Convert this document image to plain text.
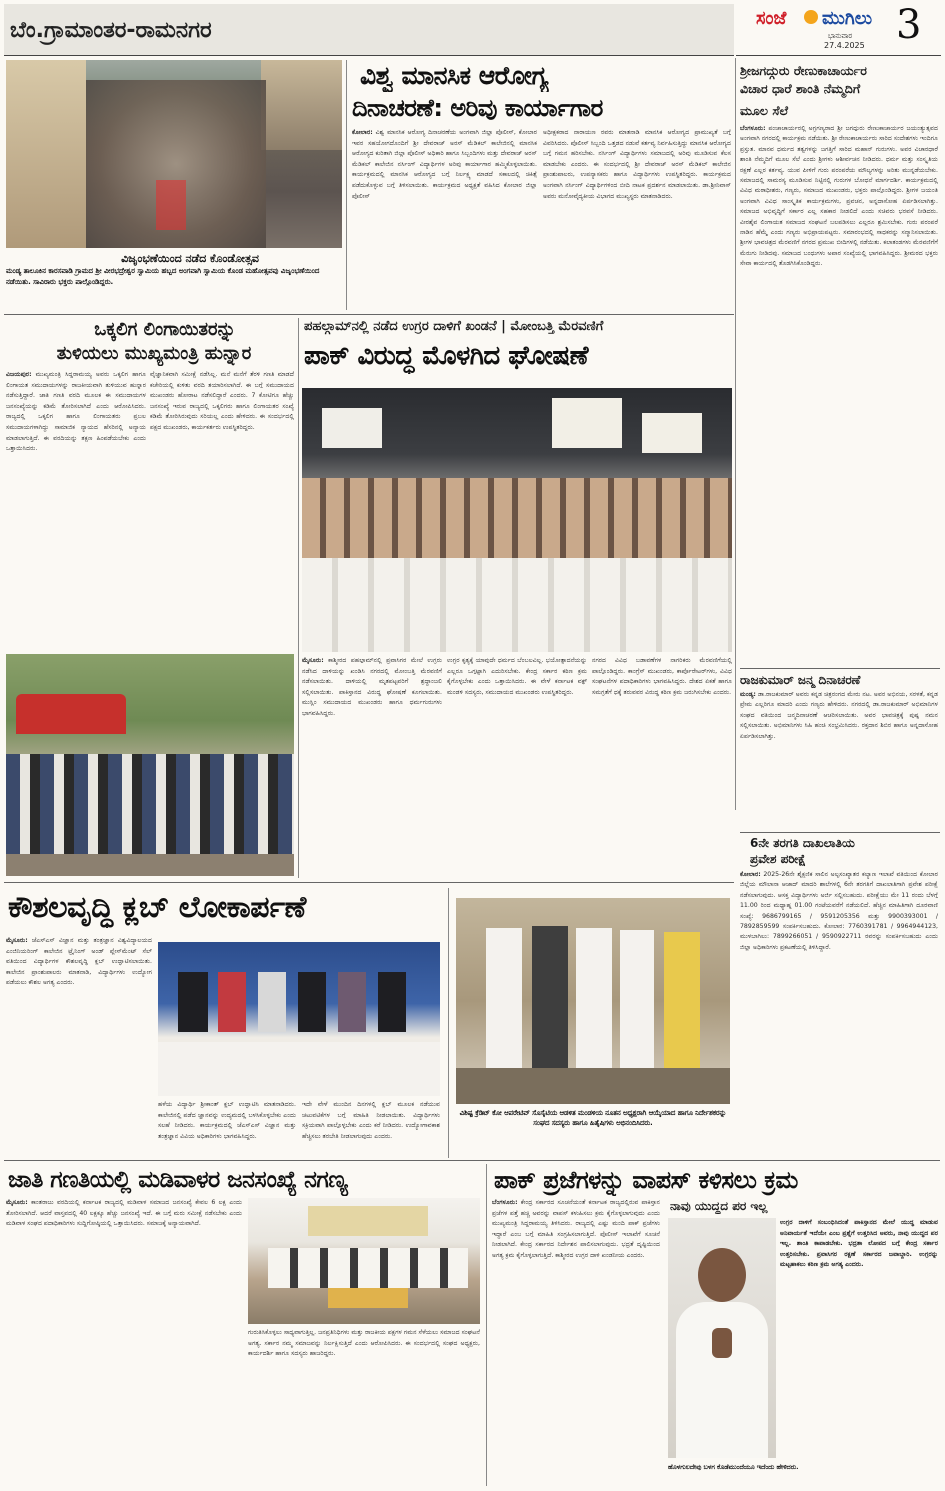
ಬೆಂ.ಗ್ರಾಮಾಂತರ-ರಾಮನಗರ	ಸಂಜೆ ಮುಗಿಲು
ಭಾನುವಾರ
27.4.2025 3
ವಿಜೃಂಭಣೆಯಿಂದ ನಡೆದ ಕೊಂಡೋತ್ಸವ
ಮಂಡ್ಯ ತಾಲೂಕಿನ ಕಾರಸವಾಡಿ ಗ್ರಾಮದ ಶ್ರೀ ವೀರಭದ್ರೇಶ್ವರ ಸ್ವಾಮಿಯ ಹಬ್ಬದ ಅಂಗವಾಗಿ ಸ್ವಾಮಿಯ ಕೊಂಡ ಮಹೋತ್ಸವವು ವಿಜೃಂಭಣೆಯಿಂದ ನಡೆಯಿತು. ಸಾವಿರಾರು ಭಕ್ತರು ಪಾಲ್ಗೊಂಡಿದ್ದರು.
ವಿಶ್ವ ಮಾನಸಿಕ ಆರೋಗ್ಯ
ದಿನಾಚರಣೆ: ಅರಿವು ಕಾರ್ಯಾಗಾರ

ಕೋಲಾರ: ವಿಶ್ವ ಮಾನಸಿಕ ಆರೋಗ್ಯ ದಿನಾಚರಣೆಯ ಅಂಗವಾಗಿ ಜಿಲ್ಲಾ ಪೊಲೀಸ್, ಕೋಲಾರ ಇವರ ಸಹಯೋಗದೊಂದಿಗೆ ಶ್ರೀ ದೇವರಾಜ್ ಅರಸ್ ಮೆಡಿಕಲ್ ಕಾಲೇಜಿನಲ್ಲಿ ಮಾನಸಿಕ ಆರೋಗ್ಯದ ಕುರಿತಾಗಿ ಜಿಲ್ಲಾ ಪೊಲೀಸ್ ಅಧಿಕಾರಿ ಹಾಗೂ ಸಿಬ್ಬಂದಿಗಳು ಮತ್ತು ದೇವರಾಜ್ ಅರಸ್ ಮೆಡಿಕಲ್ ಕಾಲೇಜಿನ ನರ್ಸಿಂಗ್ ವಿದ್ಯಾರ್ಥಿಗಳ ಅರಿವು ಕಾರ್ಯಾಗಾರ ಹಮ್ಮಿಕೊಳ್ಳಲಾಯಿತು. ಕಾರ್ಯಕ್ರಮದಲ್ಲಿ ಮಾನಸಿಕ ಆರೋಗ್ಯದ ಬಗ್ಗೆ ನಿರ್ಲಕ್ಷ್ಯ ಮಾಡದೆ ಸಕಾಲದಲ್ಲಿ ಚಿಕಿತ್ಸೆ ಪಡೆದುಕೊಳ್ಳುವ ಬಗ್ಗೆ ತಿಳಿಸಲಾಯಿತು. ಕಾರ್ಯಕ್ರಮದ ಅಧ್ಯಕ್ಷತೆ ವಹಿಸಿದ ಕೋಲಾರ ಜಿಲ್ಲಾ ಪೊಲೀಸ್

ಅಧೀಕ್ಷಕರಾದ ನಾರಾಯಣ ರವರು ಮಾತನಾಡಿ ಮಾನಸಿಕ ಆರೋಗ್ಯದ ಪ್ರಾಮುಖ್ಯತೆ ಬಗ್ಗೆ ವಿವರಿಸಿದರು. ಪೊಲೀಸ್ ಸಿಬ್ಬಂದಿ ಒತ್ತಡದ ನಡುವೆ ಕರ್ತವ್ಯ ನಿರ್ವಹಿಸುತ್ತಿದ್ದು ಮಾನಸಿಕ ಆರೋಗ್ಯದ ಬಗ್ಗೆ ಗಮನ ಹರಿಸಬೇಕು. ನರ್ಸಿಂಗ್ ವಿದ್ಯಾರ್ಥಿಗಳು ಸಮಾಜದಲ್ಲಿ ಅರಿವು ಮೂಡಿಸುವ ಕೆಲಸ ಮಾಡಬೇಕು ಎಂದರು. ಈ ಸಂದರ್ಭದಲ್ಲಿ ಶ್ರೀ ದೇವರಾಜ್ ಅರಸ್ ಮೆಡಿಕಲ್ ಕಾಲೇಜಿನ ಪ್ರಾಂಶುಪಾಲರು, ಉಪನ್ಯಾಸಕರು ಹಾಗೂ ವಿದ್ಯಾರ್ಥಿಗಳು ಉಪಸ್ಥಿತರಿದ್ದರು. ಕಾರ್ಯಕ್ರಮದ ಅಂಗವಾಗಿ ನರ್ಸಿಂಗ್ ವಿದ್ಯಾರ್ಥಿಗಳಿಂದ ಬೀದಿ ನಾಟಕ ಪ್ರದರ್ಶನ ಮಾಡಲಾಯಿತು. ಡಾ.ಶ್ರೀನಿವಾಸ್ ಅವರು ಮನೋವೈದ್ಯಕೀಯ ವಿಭಾಗದ ಮುಖ್ಯಸ್ಥರು ಮಾತನಾಡಿದರು.

ಶ್ರೀಜಗದ್ಗುರು ರೇಣುಕಾಚಾರ್ಯರ
ವಿಚಾರ ಧಾರೆ ಶಾಂತಿ ನೆಮ್ಮದಿಗೆ
ಮೂಲ ಸೆಲೆ

ಬೆಂಗಳೂರು: ಪಂಚಾಚಾರ್ಯರಲ್ಲಿ ಅಗ್ರಗಣ್ಯರಾದ ಶ್ರೀ ಜಗದ್ಗುರು ರೇಣುಕಾಚಾರ್ಯರ ಜಯಂತ್ಯುತ್ಸವದ ಅಂಗವಾಗಿ ನಗರದಲ್ಲಿ ಕಾರ್ಯಕ್ರಮ ನಡೆಯಿತು. ಶ್ರೀ ರೇಣುಕಾಚಾರ್ಯರು ಸಾರಿದ ಸಂದೇಶಗಳು ಇಂದಿಗೂ ಪ್ರಸ್ತುತ. ಮಾನವ ಧರ್ಮದ ತತ್ವಗಳನ್ನು ಜಗತ್ತಿಗೆ ಸಾರಿದ ಮಹಾನ್ ಗುರುಗಳು. ಅವರ ವಿಚಾರಧಾರೆ ಶಾಂತಿ ನೆಮ್ಮದಿಗೆ ಮೂಲ ಸೆಲೆ ಎಂದು ಶ್ರೀಗಳು ಆಶೀರ್ವಚನ ನೀಡಿದರು. ಧರ್ಮ ಮತ್ತು ಸಂಸ್ಕೃತಿಯ ರಕ್ಷಣೆ ಎಲ್ಲರ ಕರ್ತವ್ಯ. ಯುವ ಪೀಳಿಗೆ ಗುರು ಪರಂಪರೆಯ ಮೌಲ್ಯಗಳನ್ನು ಅರಿತು ಮುನ್ನಡೆಯಬೇಕು. ಸಮಾಜದಲ್ಲಿ ಸಾಮರಸ್ಯ ಮೂಡಿಸುವ ನಿಟ್ಟಿನಲ್ಲಿ ಗುರುಗಳ ಬೋಧನೆ ಮಾರ್ಗದರ್ಶಿ. ಕಾರ್ಯಕ್ರಮದಲ್ಲಿ ವಿವಿಧ ಮಠಾಧೀಶರು, ಗಣ್ಯರು, ಸಮಾಜದ ಮುಖಂಡರು, ಭಕ್ತರು ಪಾಲ್ಗೊಂಡಿದ್ದರು. ಶ್ರೀಗಳ ಜಯಂತಿ ಅಂಗವಾಗಿ ವಿವಿಧ ಸಾಂಸ್ಕೃತಿಕ ಕಾರ್ಯಕ್ರಮಗಳು, ಪ್ರವಚನ, ಅನ್ನದಾಸೋಹ ಏರ್ಪಡಿಸಲಾಗಿತ್ತು. ಸಮಾಜದ ಅಭಿವೃದ್ಧಿಗೆ ಸರ್ಕಾರ ಎಲ್ಲ ಸಹಕಾರ ನೀಡಲಿದೆ ಎಂದು ಸಚಿವರು ಭರವಸೆ ನೀಡಿದರು. ವೀರಶೈವ ಲಿಂಗಾಯತ ಸಮಾಜದ ಸಂಘಟನೆ ಬಲಪಡಿಸಲು ಎಲ್ಲರೂ ಶ್ರಮಿಸಬೇಕು. ಗುರು ಪರಂಪರೆ ನಾಡಿನ ಹೆಮ್ಮೆ ಎಂದು ಗಣ್ಯರು ಅಭಿಪ್ರಾಯಪಟ್ಟರು. ಸಮಾರಂಭದಲ್ಲಿ ಸಾಧಕರನ್ನು ಸನ್ಮಾನಿಸಲಾಯಿತು. ಶ್ರೀಗಳ ಭಾವಚಿತ್ರದ ಮೆರವಣಿಗೆ ನಗರದ ಪ್ರಮುಖ ಬೀದಿಗಳಲ್ಲಿ ನಡೆಯಿತು. ಕಲಾತಂಡಗಳು ಮೆರವಣಿಗೆಗೆ ಮೆರುಗು ನೀಡಿದವು. ಸಮಾಜದ ಬಂಧುಗಳು ಅಪಾರ ಸಂಖ್ಯೆಯಲ್ಲಿ ಭಾಗವಹಿಸಿದ್ದರು. ಶ್ರೀಮಠದ ಭಕ್ತರು ಸೇವಾ ಕಾರ್ಯದಲ್ಲಿ ತೊಡಗಿಸಿಕೊಂಡಿದ್ದರು.

ರಾಜಕುಮಾರ್ ಜನ್ಮ ದಿನಾಚರಣೆ

ಮಂಡ್ಯ: ಡಾ.ರಾಜಕುಮಾರ್ ಅವರು ಕನ್ನಡ ಚಿತ್ರರಂಗದ ಮೇರು ನಟ. ಅವರ ಅಭಿನಯ, ಸರಳತೆ, ಕನ್ನಡ ಪ್ರೇಮ ಎಲ್ಲರಿಗೂ ಮಾದರಿ ಎಂದು ಗಣ್ಯರು ಹೇಳಿದರು. ನಗರದಲ್ಲಿ ಡಾ.ರಾಜಕುಮಾರ್ ಅಭಿಮಾನಿಗಳ ಸಂಘದ ವತಿಯಿಂದ ಜನ್ಮದಿನಾಚರಣೆ ಆಚರಿಸಲಾಯಿತು. ಅವರ ಭಾವಚಿತ್ರಕ್ಕೆ ಪುಷ್ಪ ನಮನ ಸಲ್ಲಿಸಲಾಯಿತು. ಅಭಿಮಾನಿಗಳು ಸಿಹಿ ಹಂಚಿ ಸಂಭ್ರಮಿಸಿದರು. ರಕ್ತದಾನ ಶಿಬಿರ ಹಾಗೂ ಅನ್ನದಾಸೋಹ ಏರ್ಪಡಿಸಲಾಗಿತ್ತು.

6ನೇ ತರಗತಿ ದಾಖಲಾತಿಯ
ಪ್ರವೇಶ ಪರೀಕ್ಷೆ

ಕೋಲಾರ: 2025-26ನೇ ಶೈಕ್ಷಣಿಕ ಸಾಲಿನ ಅಲ್ಪಸಂಖ್ಯಾತರ ಕಲ್ಯಾಣ ಇಲಾಖೆ ವತಿಯಿಂದ ಕೋಲಾರ ಜಿಲ್ಲೆಯ ಮೌಲಾನಾ ಆಜಾದ್ ಮಾದರಿ ಶಾಲೆಗಳಲ್ಲಿ 6ನೇ ತರಗತಿಗೆ ದಾಖಲಾತಿಗಾಗಿ ಪ್ರವೇಶ ಪರೀಕ್ಷೆ ನಡೆಸಲಾಗುವುದು. ಆಸಕ್ತ ವಿದ್ಯಾರ್ಥಿಗಳು ಅರ್ಜಿ ಸಲ್ಲಿಸಬಹುದು. ಪರೀಕ್ಷೆಯು ಮೇ 11 ರಂದು ಬೆಳಗ್ಗೆ 11.00 ರಿಂದ ಮಧ್ಯಾಹ್ನ 01.00 ಗಂಟೆಯವರೆಗೆ ನಡೆಯಲಿದೆ. ಹೆಚ್ಚಿನ ಮಾಹಿತಿಗಾಗಿ ದೂರವಾಣಿ ಸಂಖ್ಯೆ: 9686799165 / 9591205356 ಮತ್ತು 9900393001 / 7892859599 ಸಂಪರ್ಕಿಸಬಹುದು. ಕೋಲಾರ: 7760391781 / 9964944123, ಮುಳಬಾಗಿಲು: 7899266051 / 9590922711 ರವರನ್ನು ಸಂಪರ್ಕಿಸಬಹುದು ಎಂದು ಜಿಲ್ಲಾ ಅಧಿಕಾರಿಗಳು ಪ್ರಕಟಣೆಯಲ್ಲಿ ತಿಳಿಸಿದ್ದಾರೆ.

ಒಕ್ಕಲಿಗ ಲಿಂಗಾಯಿತರನ್ನು
ತುಳಿಯಲು ಮುಖ್ಯಮಂತ್ರಿ ಹುನ್ನಾರ

ವಿಜಯಪುರ: ಮುಖ್ಯಮಂತ್ರಿ ಸಿದ್ದರಾಮಯ್ಯ ಅವರು ಒಕ್ಕಲಿಗ ಹಾಗೂ ಲಿಂಗಾಯತ ಸಮುದಾಯಗಳನ್ನು ರಾಜಕೀಯವಾಗಿ ತುಳಿಯುವ ಹುನ್ನಾರ ನಡೆಸುತ್ತಿದ್ದಾರೆ. ಜಾತಿ ಗಣತಿ ವರದಿ ಮೂಲಕ ಈ ಸಮುದಾಯಗಳ ಜನಸಂಖ್ಯೆಯನ್ನು ಕಡಿಮೆ ತೋರಿಸಲಾಗಿದೆ ಎಂದು ಆರೋಪಿಸಿದರು. ರಾಜ್ಯದಲ್ಲಿ ಒಕ್ಕಲಿಗ ಹಾಗೂ ಲಿಂಗಾಯತರು ಪ್ರಬಲ ಸಮುದಾಯಗಳಾಗಿದ್ದು ಸಾಮಾಜಿಕ ನ್ಯಾಯದ ಹೆಸರಿನಲ್ಲಿ ಅನ್ಯಾಯ ಮಾಡಲಾಗುತ್ತಿದೆ. ಈ ವರದಿಯನ್ನು ತಕ್ಷಣ ಹಿಂಪಡೆಯಬೇಕು ಎಂದು ಒತ್ತಾಯಿಸಿದರು.

ವೈಜ್ಞಾನಿಕವಾಗಿ ಸಮೀಕ್ಷೆ ನಡೆಸಿಲ್ಲ. ಮನೆ ಮನೆಗೆ ತೆರಳಿ ಗಣತಿ ಮಾಡದೆ ಕಚೇರಿಯಲ್ಲಿ ಕುಳಿತು ವರದಿ ತಯಾರಿಸಲಾಗಿದೆ. ಈ ಬಗ್ಗೆ ಸಮುದಾಯದ ಮುಖಂಡರು ಹೋರಾಟ ನಡೆಸಲಿದ್ದಾರೆ ಎಂದರು. 7 ಕೋಟಿಗೂ ಹೆಚ್ಚು ಜನಸಂಖ್ಯೆ ಇರುವ ರಾಜ್ಯದಲ್ಲಿ ಒಕ್ಕಲಿಗರು ಹಾಗೂ ಲಿಂಗಾಯತರ ಸಂಖ್ಯೆ ಕಡಿಮೆ ತೋರಿಸಿರುವುದು ಸರಿಯಲ್ಲ ಎಂದು ಹೇಳಿದರು. ಈ ಸಂದರ್ಭದಲ್ಲಿ ಪಕ್ಷದ ಮುಖಂಡರು, ಕಾರ್ಯಕರ್ತರು ಉಪಸ್ಥಿತರಿದ್ದರು.

ಪಹಲ್ಗಾಮ್‌ನಲ್ಲಿ ನಡೆದ ಉಗ್ರರ ದಾಳಿಗೆ ಖಂಡನೆ | ಮೋಂಬತ್ತಿ ಮೆರವಣಿಗೆ
ಪಾಕ್ ವಿರುದ್ಧ ಮೊಳಗಿದ ಘೋಷಣೆ

ಮೈಸೂರು: ಕಾಶ್ಮೀರದ ಪಹಲ್ಗಾಮ್‌ನಲ್ಲಿ ಪ್ರವಾಸಿಗರ ಮೇಲೆ ಉಗ್ರರು ನಡೆಸಿದ ದಾಳಿಯನ್ನು ಖಂಡಿಸಿ ನಗರದಲ್ಲಿ ಮೋಂಬತ್ತಿ ಮೆರವಣಿಗೆ ನಡೆಸಲಾಯಿತು. ದಾಳಿಯಲ್ಲಿ ಮೃತಪಟ್ಟವರಿಗೆ ಶ್ರದ್ಧಾಂಜಲಿ ಸಲ್ಲಿಸಲಾಯಿತು. ಪಾಕಿಸ್ತಾನದ ವಿರುದ್ಧ ಘೋಷಣೆ ಕೂಗಲಾಯಿತು. ಮುಸ್ಲಿಂ ಸಮುದಾಯದ ಮುಖಂಡರು ಹಾಗೂ ಧರ್ಮಗುರುಗಳು ಭಾಗವಹಿಸಿದ್ದರು.

ಉಗ್ರರ ಕೃತ್ಯಕ್ಕೆ ಯಾವುದೇ ಧರ್ಮದ ಬೆಂಬಲವಿಲ್ಲ. ಭಯೋತ್ಪಾದನೆಯನ್ನು ಎಲ್ಲರೂ ಒಗ್ಗಟ್ಟಾಗಿ ಎದುರಿಸಬೇಕು. ಕೇಂದ್ರ ಸರ್ಕಾರ ಕಠಿಣ ಕ್ರಮ ಕೈಗೊಳ್ಳಬೇಕು ಎಂದು ಒತ್ತಾಯಿಸಿದರು. ಈ ವೇಳೆ ಕರ್ನಾಟಕ ವಕ್ಫ್ ಮಂಡಳಿ ಸದಸ್ಯರು, ಸಮುದಾಯದ ಮುಖಂಡರು ಉಪಸ್ಥಿತರಿದ್ದರು.

ನಗರದ ವಿವಿಧ ಬಡಾವಣೆಗಳ ನಾಗರಿಕರು ಮೆರವಣಿಗೆಯಲ್ಲಿ ಪಾಲ್ಗೊಂಡಿದ್ದರು. ಕಾಂಗ್ರೆಸ್ ಮುಖಂಡರು, ಕಾರ್ಪೊರೇಟರ್‌ಗಳು, ವಿವಿಧ ಸಂಘಟನೆಗಳ ಪದಾಧಿಕಾರಿಗಳು ಭಾಗವಹಿಸಿದ್ದರು. ದೇಶದ ಏಕತೆ ಹಾಗೂ ಸಮಗ್ರತೆಗೆ ಧಕ್ಕೆ ತರುವವರ ವಿರುದ್ಧ ಕಠಿಣ ಕ್ರಮ ಜರುಗಿಸಬೇಕು ಎಂದರು.

ಕೌಶಲವೃದ್ಧಿ ಕ್ಲಬ್ ಲೋಕಾರ್ಪಣೆ

ಮೈಸೂರು: ಜೆಎಸ್ಎಸ್ ವಿಜ್ಞಾನ ಮತ್ತು ತಂತ್ರಜ್ಞಾನ ವಿಶ್ವವಿದ್ಯಾಲಯದ ಎಂಜಿನಿಯರಿಂಗ್ ಕಾಲೇಜಿನ ಟ್ರೈನಿಂಗ್ ಅಂಡ್ ಪ್ಲೇಸ್‌ಮೆಂಟ್ ಸೆಲ್ ವತಿಯಿಂದ ವಿದ್ಯಾರ್ಥಿಗಳ ಕೌಶಲವೃದ್ಧಿ ಕ್ಲಬ್ ಉದ್ಘಾಟಿಸಲಾಯಿತು. ಕಾಲೇಜಿನ ಪ್ರಾಂಶುಪಾಲರು ಮಾತನಾಡಿ, ವಿದ್ಯಾರ್ಥಿಗಳು ಉದ್ಯೋಗ ಪಡೆಯಲು ಕೌಶಲ ಅಗತ್ಯ ಎಂದರು.

ಹಳೆಯ ವಿದ್ಯಾರ್ಥಿ ಶ್ರೀಕಾಂತ್ ಕ್ಲಬ್ ಉದ್ಘಾಟಿಸಿ ಮಾತನಾಡಿದರು. ಕಾಲೇಜಿನಲ್ಲಿ ಪಡೆದ ಜ್ಞಾನವನ್ನು ಉದ್ಯಮದಲ್ಲಿ ಬಳಸಿಕೊಳ್ಳಬೇಕು ಎಂದು ಸಲಹೆ ನೀಡಿದರು. ಕಾರ್ಯಕ್ರಮದಲ್ಲಿ ಜೆಎಸ್ಎಸ್ ವಿಜ್ಞಾನ ಮತ್ತು ತಂತ್ರಜ್ಞಾನ ವಿವಿಯ ಅಧಿಕಾರಿಗಳು ಭಾಗವಹಿಸಿದ್ದರು.

ಇದೇ ವೇಳೆ ಮುಂದಿನ ದಿನಗಳಲ್ಲಿ ಕ್ಲಬ್ ಮೂಲಕ ನಡೆಯುವ ಚಟುವಟಿಕೆಗಳ ಬಗ್ಗೆ ಮಾಹಿತಿ ನೀಡಲಾಯಿತು. ವಿದ್ಯಾರ್ಥಿಗಳು ಸಕ್ರಿಯವಾಗಿ ಪಾಲ್ಗೊಳ್ಳಬೇಕು ಎಂದು ಕರೆ ನೀಡಿದರು. ಉದ್ಯೋಗಾವಕಾಶ ಹೆಚ್ಚಿಸಲು ತರಬೇತಿ ನೀಡಲಾಗುವುದು ಎಂದರು.

ವಿಶಿಷ್ಟ ಕ್ರೆಡಿಟ್ ಕೋ ಆಪರೇಟಿವ್ ಸೊಸೈಟಿಯ ಆಡಳಿತ ಮಂಡಳಿಯ ನೂತನ ಅಧ್ಯಕ್ಷರಾಗಿ ಆಯ್ಕೆಯಾದ ಹಾಗೂ ನಿರ್ದೇಶಕರನ್ನು ಸಂಘದ ಸದಸ್ಯರು ಹಾಗೂ ಹಿತೈಷಿಗಳು ಅಭಿನಂದಿಸಿದರು.
ಜಾತಿ ಗಣತಿಯಲ್ಲಿ ಮಡಿವಾಳರ ಜನಸಂಖ್ಯೆ ನಗಣ್ಯ

ಮೈಸೂರು: ಕಾಂತರಾಜು ವರದಿಯಲ್ಲಿ ಕರ್ನಾಟಕ ರಾಜ್ಯದಲ್ಲಿ ಮಡಿವಾಳ ಸಮಾಜದ ಜನಸಂಖ್ಯೆ ಕೇವಲ 6 ಲಕ್ಷ ಎಂದು ತೋರಿಸಲಾಗಿದೆ. ಆದರೆ ವಾಸ್ತವದಲ್ಲಿ 40 ಲಕ್ಷಕ್ಕೂ ಹೆಚ್ಚು ಜನಸಂಖ್ಯೆ ಇದೆ. ಈ ಬಗ್ಗೆ ಮರು ಸಮೀಕ್ಷೆ ನಡೆಸಬೇಕು ಎಂದು ಮಡಿವಾಳ ಸಂಘದ ಪದಾಧಿಕಾರಿಗಳು ಸುದ್ದಿಗೋಷ್ಠಿಯಲ್ಲಿ ಒತ್ತಾಯಿಸಿದರು. ಸಮಾಜಕ್ಕೆ ಅನ್ಯಾಯವಾಗಿದೆ.

ಗುರುತಿಸಿಕೊಳ್ಳಲು ಸಾಧ್ಯವಾಗುತ್ತಿಲ್ಲ. ಜನಪ್ರತಿನಿಧಿಗಳು ಮತ್ತು ರಾಜಕೀಯ ಪಕ್ಷಗಳ ಗಮನ ಸೆಳೆಯಲು ಸಮಾಜದ ಸಂಘಟನೆ ಅಗತ್ಯ. ಸರ್ಕಾರ ನಮ್ಮ ಸಮಾಜವನ್ನು ನಿರ್ಲಕ್ಷಿಸುತ್ತಿದೆ ಎಂದು ಆರೋಪಿಸಿದರು. ಈ ಸಂದರ್ಭದಲ್ಲಿ ಸಂಘದ ಅಧ್ಯಕ್ಷರು, ಕಾರ್ಯದರ್ಶಿ ಹಾಗೂ ಸದಸ್ಯರು ಹಾಜರಿದ್ದರು.

ಪಾಕ್ ಪ್ರಜೆಗಳನ್ನು ವಾಪಸ್ ಕಳಿಸಲು ಕ್ರಮ

ಬೆಂಗಳೂರು: ಕೇಂದ್ರ ಸರ್ಕಾರದ ಸೂಚನೆಯಂತೆ ಕರ್ನಾಟಕ ರಾಜ್ಯದಲ್ಲಿರುವ ಪಾಕಿಸ್ತಾನ ಪ್ರಜೆಗಳ ಪತ್ತೆ ಹಚ್ಚಿ ಅವರನ್ನು ವಾಪಸ್ ಕಳುಹಿಸಲು ಕ್ರಮ ಕೈಗೊಳ್ಳಲಾಗುವುದು ಎಂದು ಮುಖ್ಯಮಂತ್ರಿ ಸಿದ್ದರಾಮಯ್ಯ ತಿಳಿಸಿದರು. ರಾಜ್ಯದಲ್ಲಿ ಎಷ್ಟು ಮಂದಿ ಪಾಕ್ ಪ್ರಜೆಗಳು ಇದ್ದಾರೆ ಎಂಬ ಬಗ್ಗೆ ಮಾಹಿತಿ ಸಂಗ್ರಹಿಸಲಾಗುತ್ತಿದೆ. ಪೊಲೀಸ್ ಇಲಾಖೆಗೆ ಸೂಚನೆ ನೀಡಲಾಗಿದೆ. ಕೇಂದ್ರ ಸರ್ಕಾರದ ನಿರ್ದೇಶನ ಪಾಲಿಸಲಾಗುವುದು. ಭದ್ರತೆ ದೃಷ್ಟಿಯಿಂದ ಅಗತ್ಯ ಕ್ರಮ ಕೈಗೊಳ್ಳಲಾಗುತ್ತಿದೆ. ಕಾಶ್ಮೀರದ ಉಗ್ರರ ದಾಳಿ ಖಂಡನೀಯ ಎಂದರು.

ನಾವು ಯುದ್ಧದ ಪರ ಇಲ್ಲ

ಉಗ್ರರ ದಾಳಿಗೆ ಸಂಬಂಧಿಸಿದಂತೆ ಪಾಕಿಸ್ತಾನದ ಮೇಲೆ ಯುದ್ಧ ಮಾಡುವ ಅನಿವಾರ್ಯತೆ ಇದೆಯೇ ಎಂಬ ಪ್ರಶ್ನೆಗೆ ಉತ್ತರಿಸಿದ ಅವರು, ನಾವು ಯುದ್ಧದ ಪರ ಇಲ್ಲ. ಶಾಂತಿ ಕಾಪಾಡಬೇಕು. ಭದ್ರತಾ ಲೋಪದ ಬಗ್ಗೆ ಕೇಂದ್ರ ಸರ್ಕಾರ ಉತ್ತರಿಸಬೇಕು. ಪ್ರವಾಸಿಗರ ರಕ್ಷಣೆ ಸರ್ಕಾರದ ಜವಾಬ್ದಾರಿ. ಉಗ್ರರನ್ನು ಮಟ್ಟಹಾಕಲು ಕಠಿಣ ಕ್ರಮ ಅಗತ್ಯ ಎಂದರು.

ಹೊಳಗುಲದೇವು ಬಳಗ ಕೊಡೆಮುಂದೆಯೂ ಇದೆಂದು ಹೇಳಿದರು.
